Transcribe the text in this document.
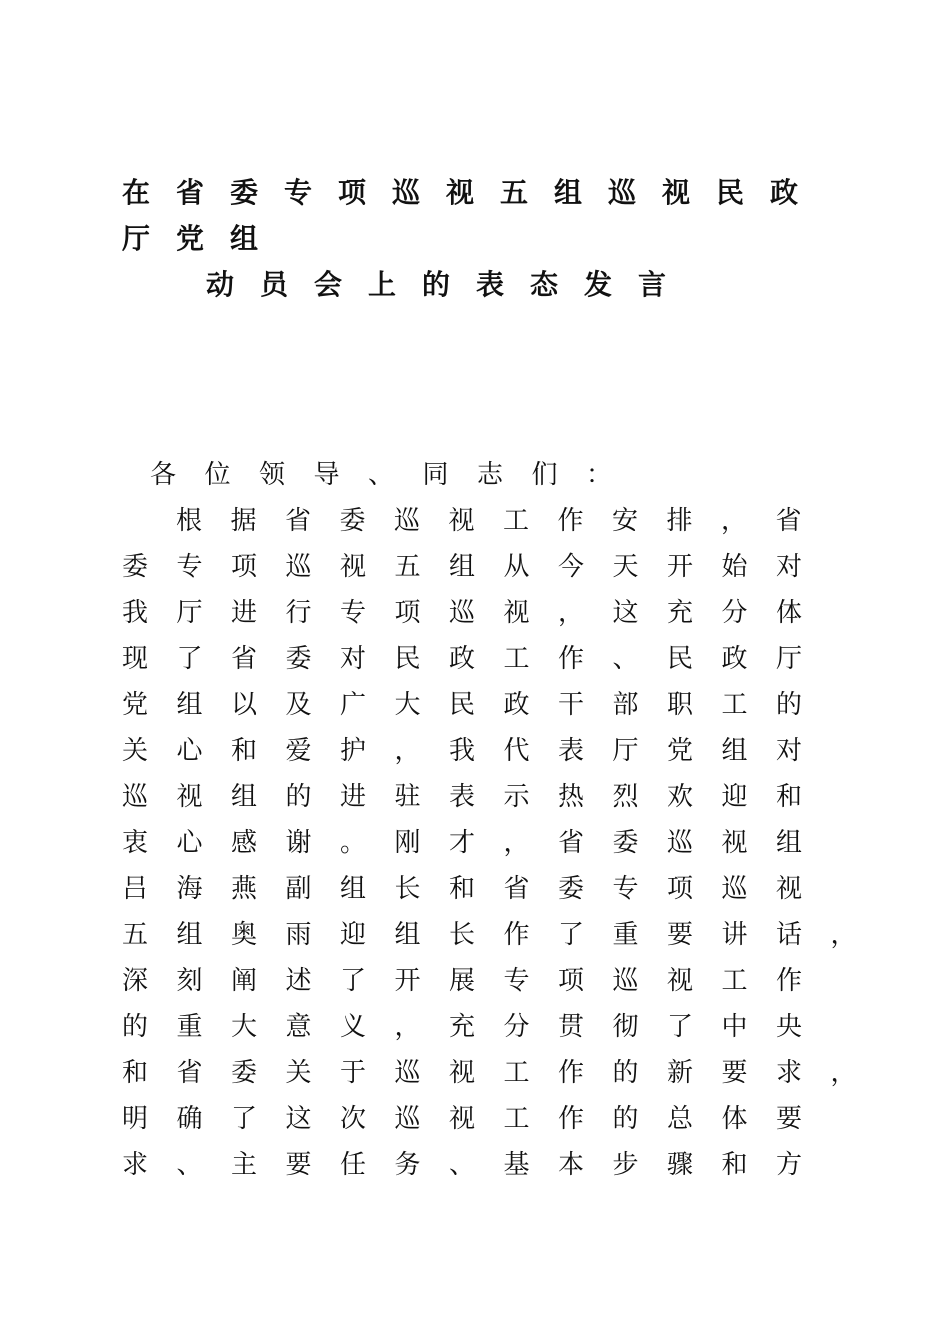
在省委专项巡视五组巡视民政
厅党组
动员会上的表态发言
各位领导、同志们：
根据省委巡视工作安排，省
委专项巡视五组从今天开始对
我厅进行专项巡视，这充分体
现了省委对民政工作、民政厅
党组以及广大民政干部职工的
关心和爱护，我代表厅党组对
巡视组的进驻表示热烈欢迎和
衷心感谢。刚才，省委巡视组
吕海燕副组长和省委专项巡视
五组奥雨迎组长作了重要讲话，
深刻阐述了开展专项巡视工作
的重大意义，充分贯彻了中央
和省委关于巡视工作的新要求，
明确了这次巡视工作的总体要
求、主要任务、基本步骤和方
